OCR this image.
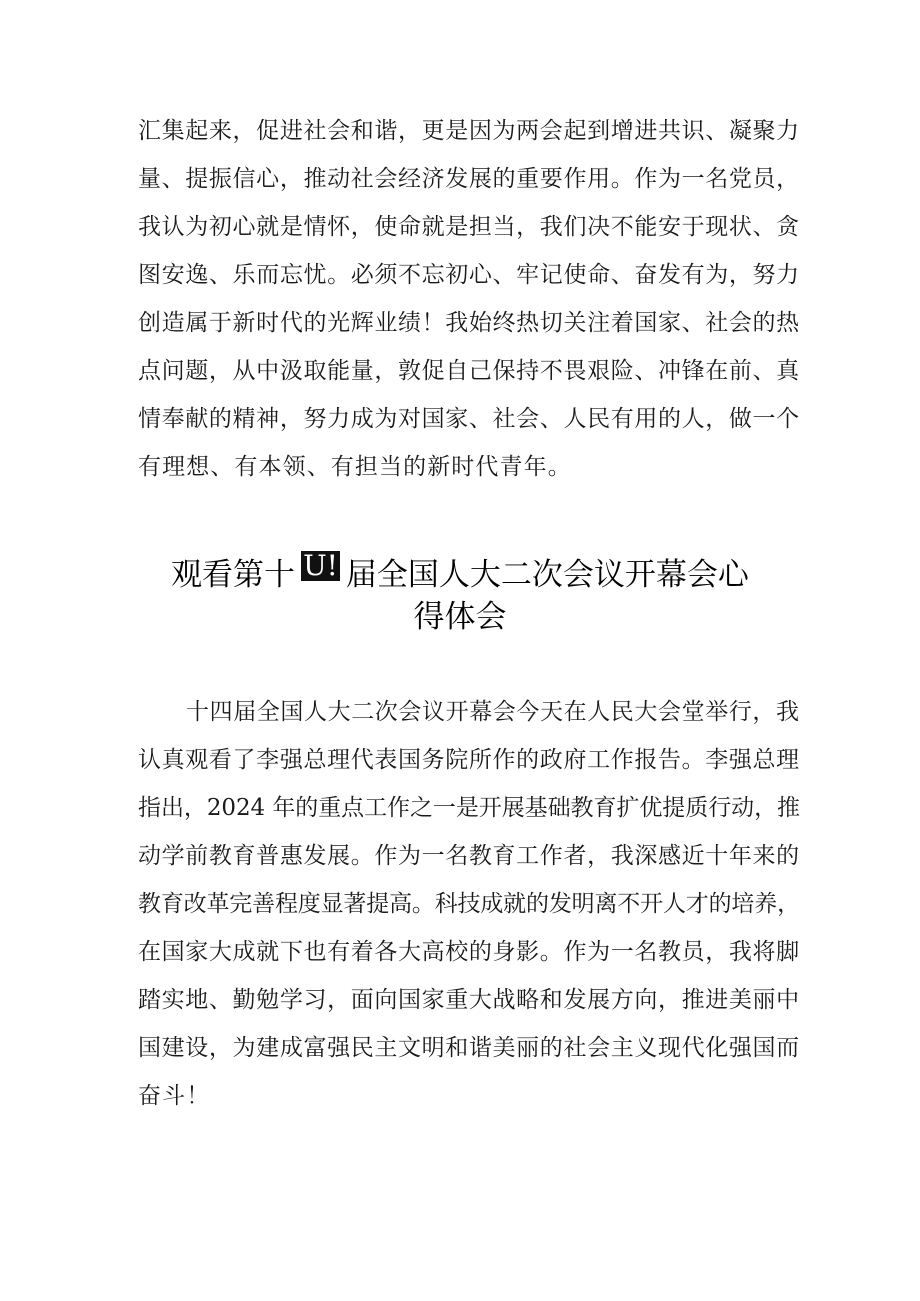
汇集起来，促进社会和谐，更是因为两会起到增进共识、凝聚力

量、提振信心，推动社会经济发展的重要作用。作为一名党员，

我认为初心就是情怀，使命就是担当，我们决不能安于现状、贪

图安逸、乐而忘忧。必须不忘初心、牢记使命、奋发有为，努力

创造属于新时代的光辉业绩！我始终热切关注着国家、社会的热

点问题，从中汲取能量，敦促自己保持不畏艰险、冲锋在前、真

情奉献的精神，努力成为对国家、社会、人民有用的人，做一个

有理想、有本领、有担当的新时代青年。

观看第十 U! 届全国人大二次会议开幕会心
得体会

十四届全国人大二次会议开幕会今天在人民大会堂举行，我

认真观看了李强总理代表国务院所作的政府工作报告。李强总理

指出，2024 年的重点工作之一是开展基础教育扩优提质行动，推

动学前教育普惠发展。作为一名教育工作者，我深感近十年来的

教育改革完善程度显著提高。科技成就的发明离不开人才的培养，

在国家大成就下也有着各大高校的身影。作为一名教员，我将脚

踏实地、勤勉学习，面向国家重大战略和发展方向，推进美丽中

国建设，为建成富强民主文明和谐美丽的社会主义现代化强国而

奋斗！
